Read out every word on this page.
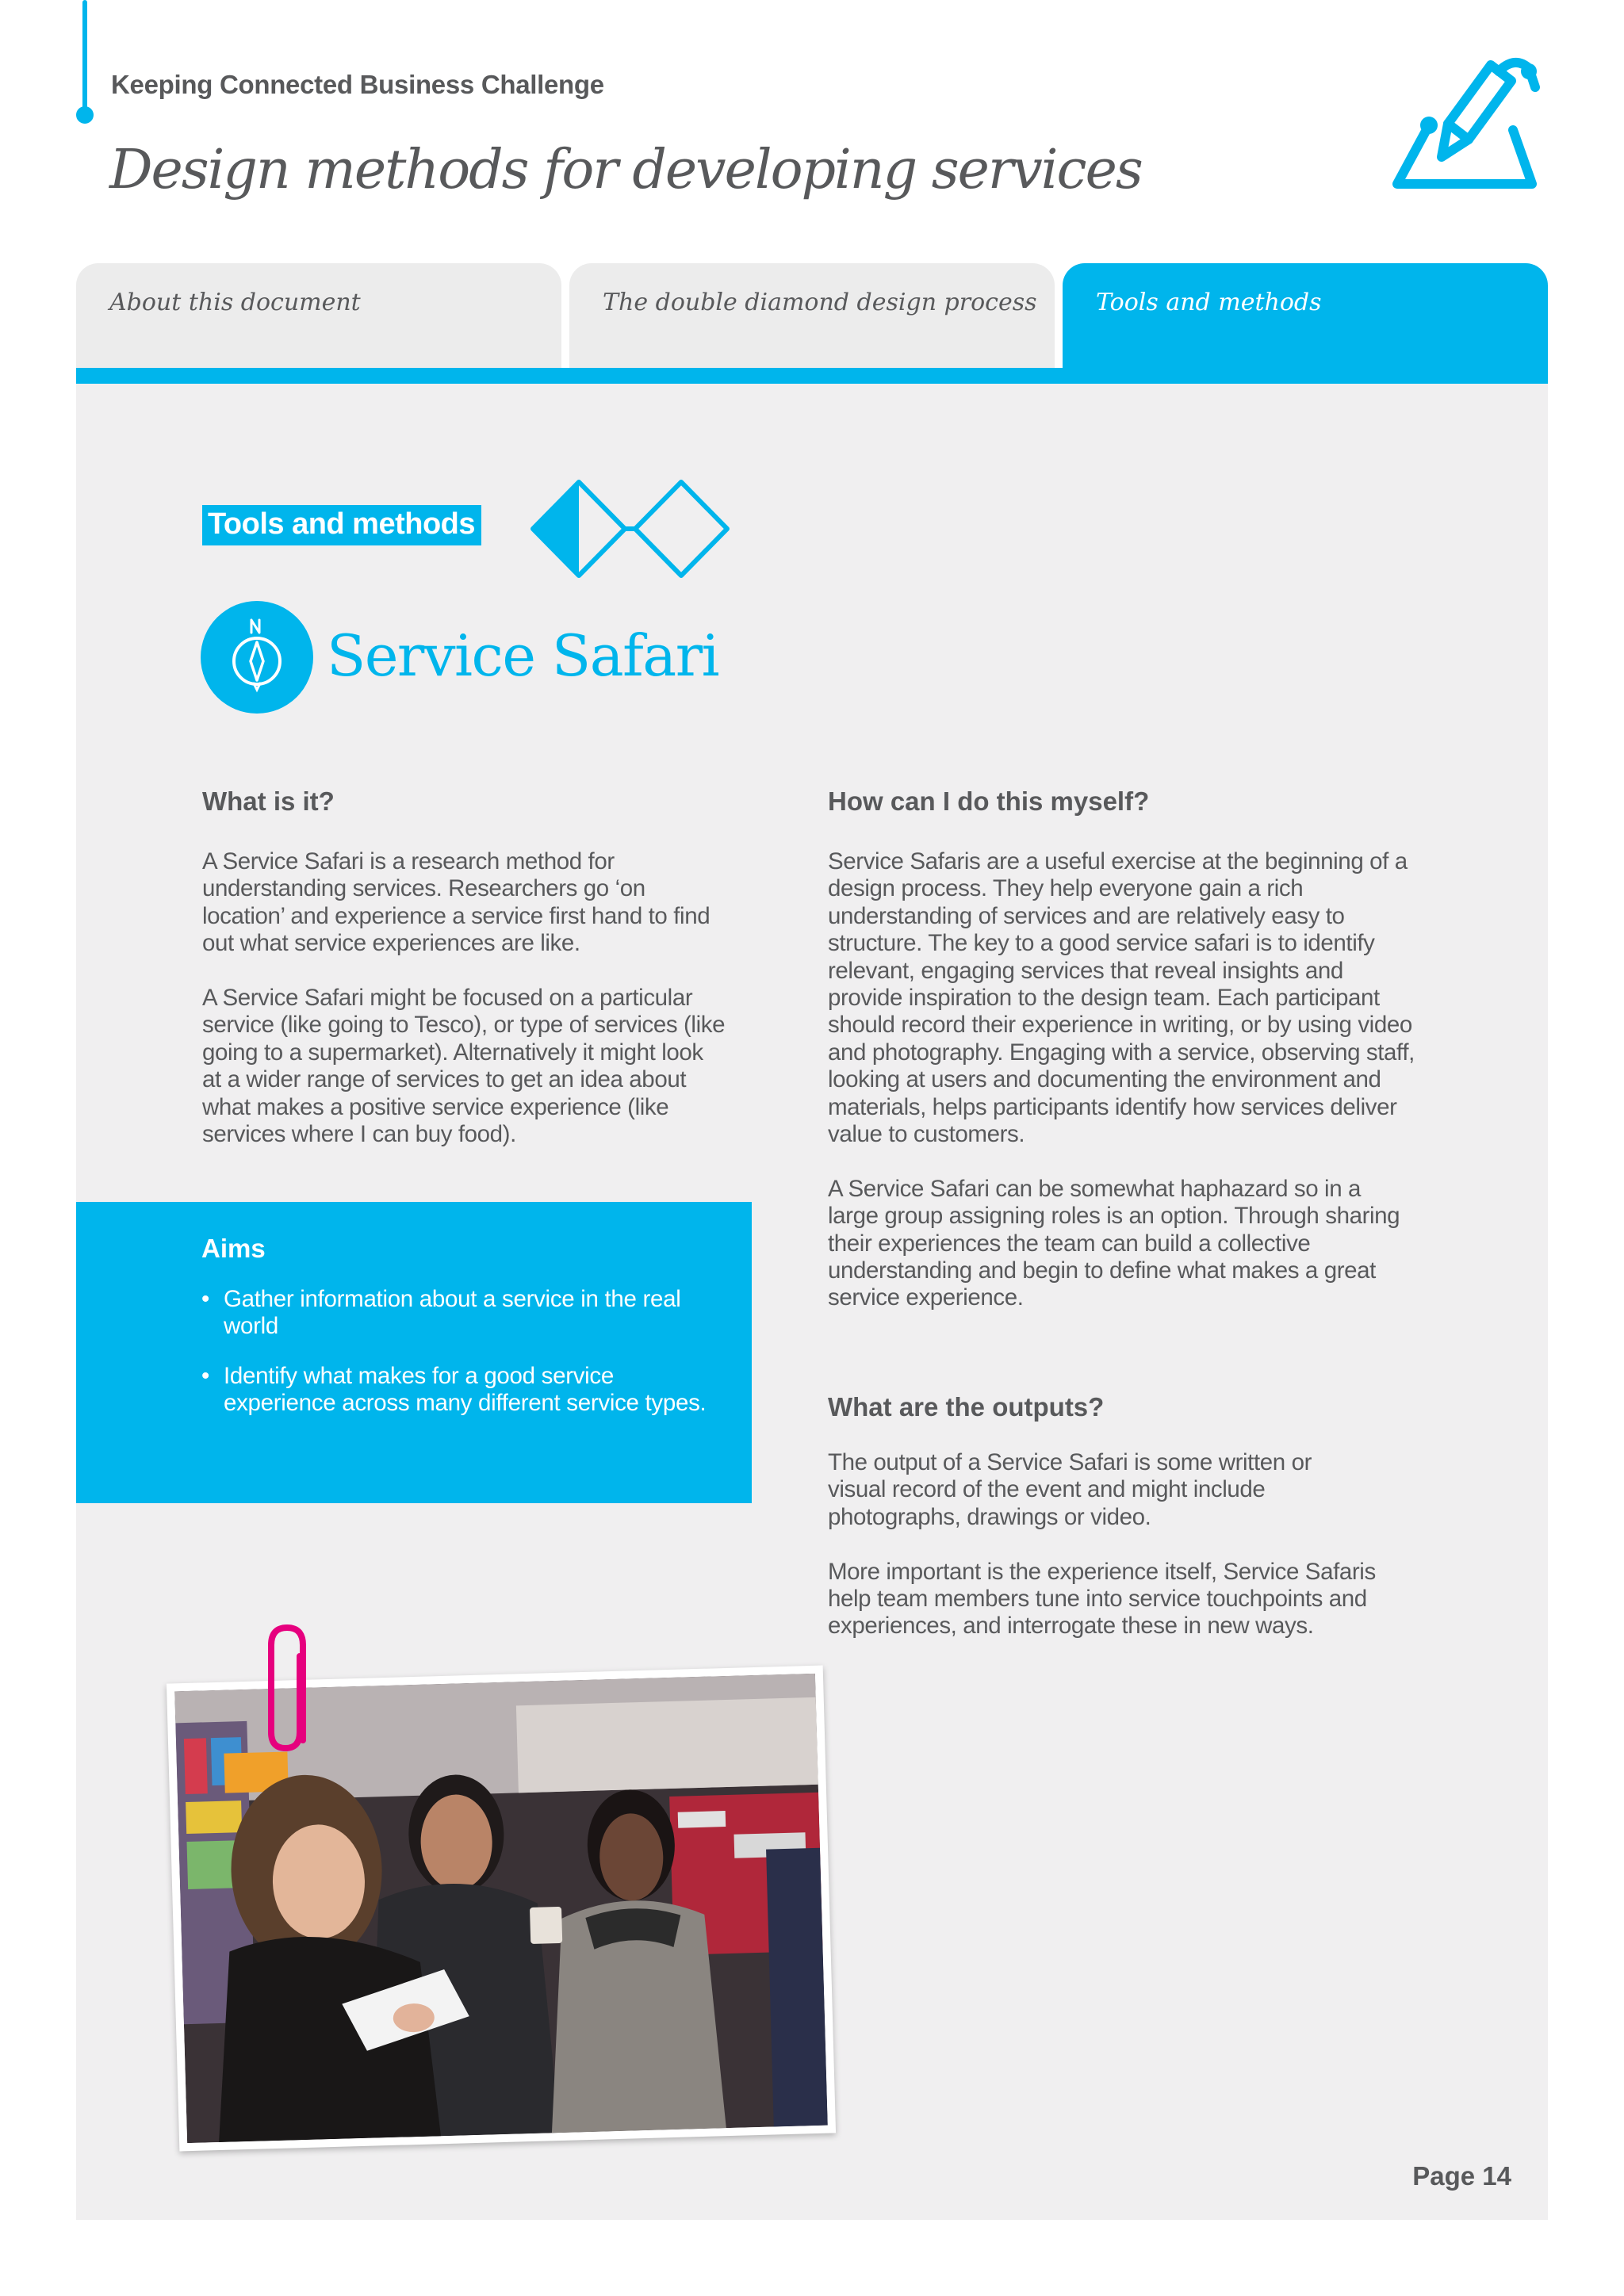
Keeping Connected Business Challenge
Design methods for developing services
About this document	The double diamond design process	Tools and methods
Tools and methods
Service Safari
What is it?

A Service Safari is a research method for understanding services. Researchers go ‘on location’ and experience a service first hand to find out what service experiences are like.

A Service Safari might be focused on a particular service (like going to Tesco), or type of services (like going to a supermarket). Alternatively it might look at a wider range of services to get an idea about what makes a positive service experience (like services where I can buy food).

Aims
• Gather information about a service in the real world
• Identify what makes for a good service experience across many different service types.
How can I do this myself?

Service Safaris are a useful exercise at the beginning of a design process. They help everyone gain a rich understanding of services and are relatively easy to structure. The key to a good service safari is to identify relevant, engaging services that reveal insights and provide inspiration to the design team. Each participant should record their experience in writing, or by using video and photography. Engaging with a service, observing staff, looking at users and documenting the environment and materials, helps participants identify how services deliver value to customers.

A Service Safari can be somewhat haphazard so in a large group assigning roles is an option. Through sharing their experiences the team can build a collective understanding and begin to define what makes a great service experience.

What are the outputs?

The output of a Service Safari is some written or visual record of the event and might include photographs, drawings or video.

More important is the experience itself, Service Safaris help team members tune into service touchpoints and experiences, and interrogate these in new ways.

Page 14
